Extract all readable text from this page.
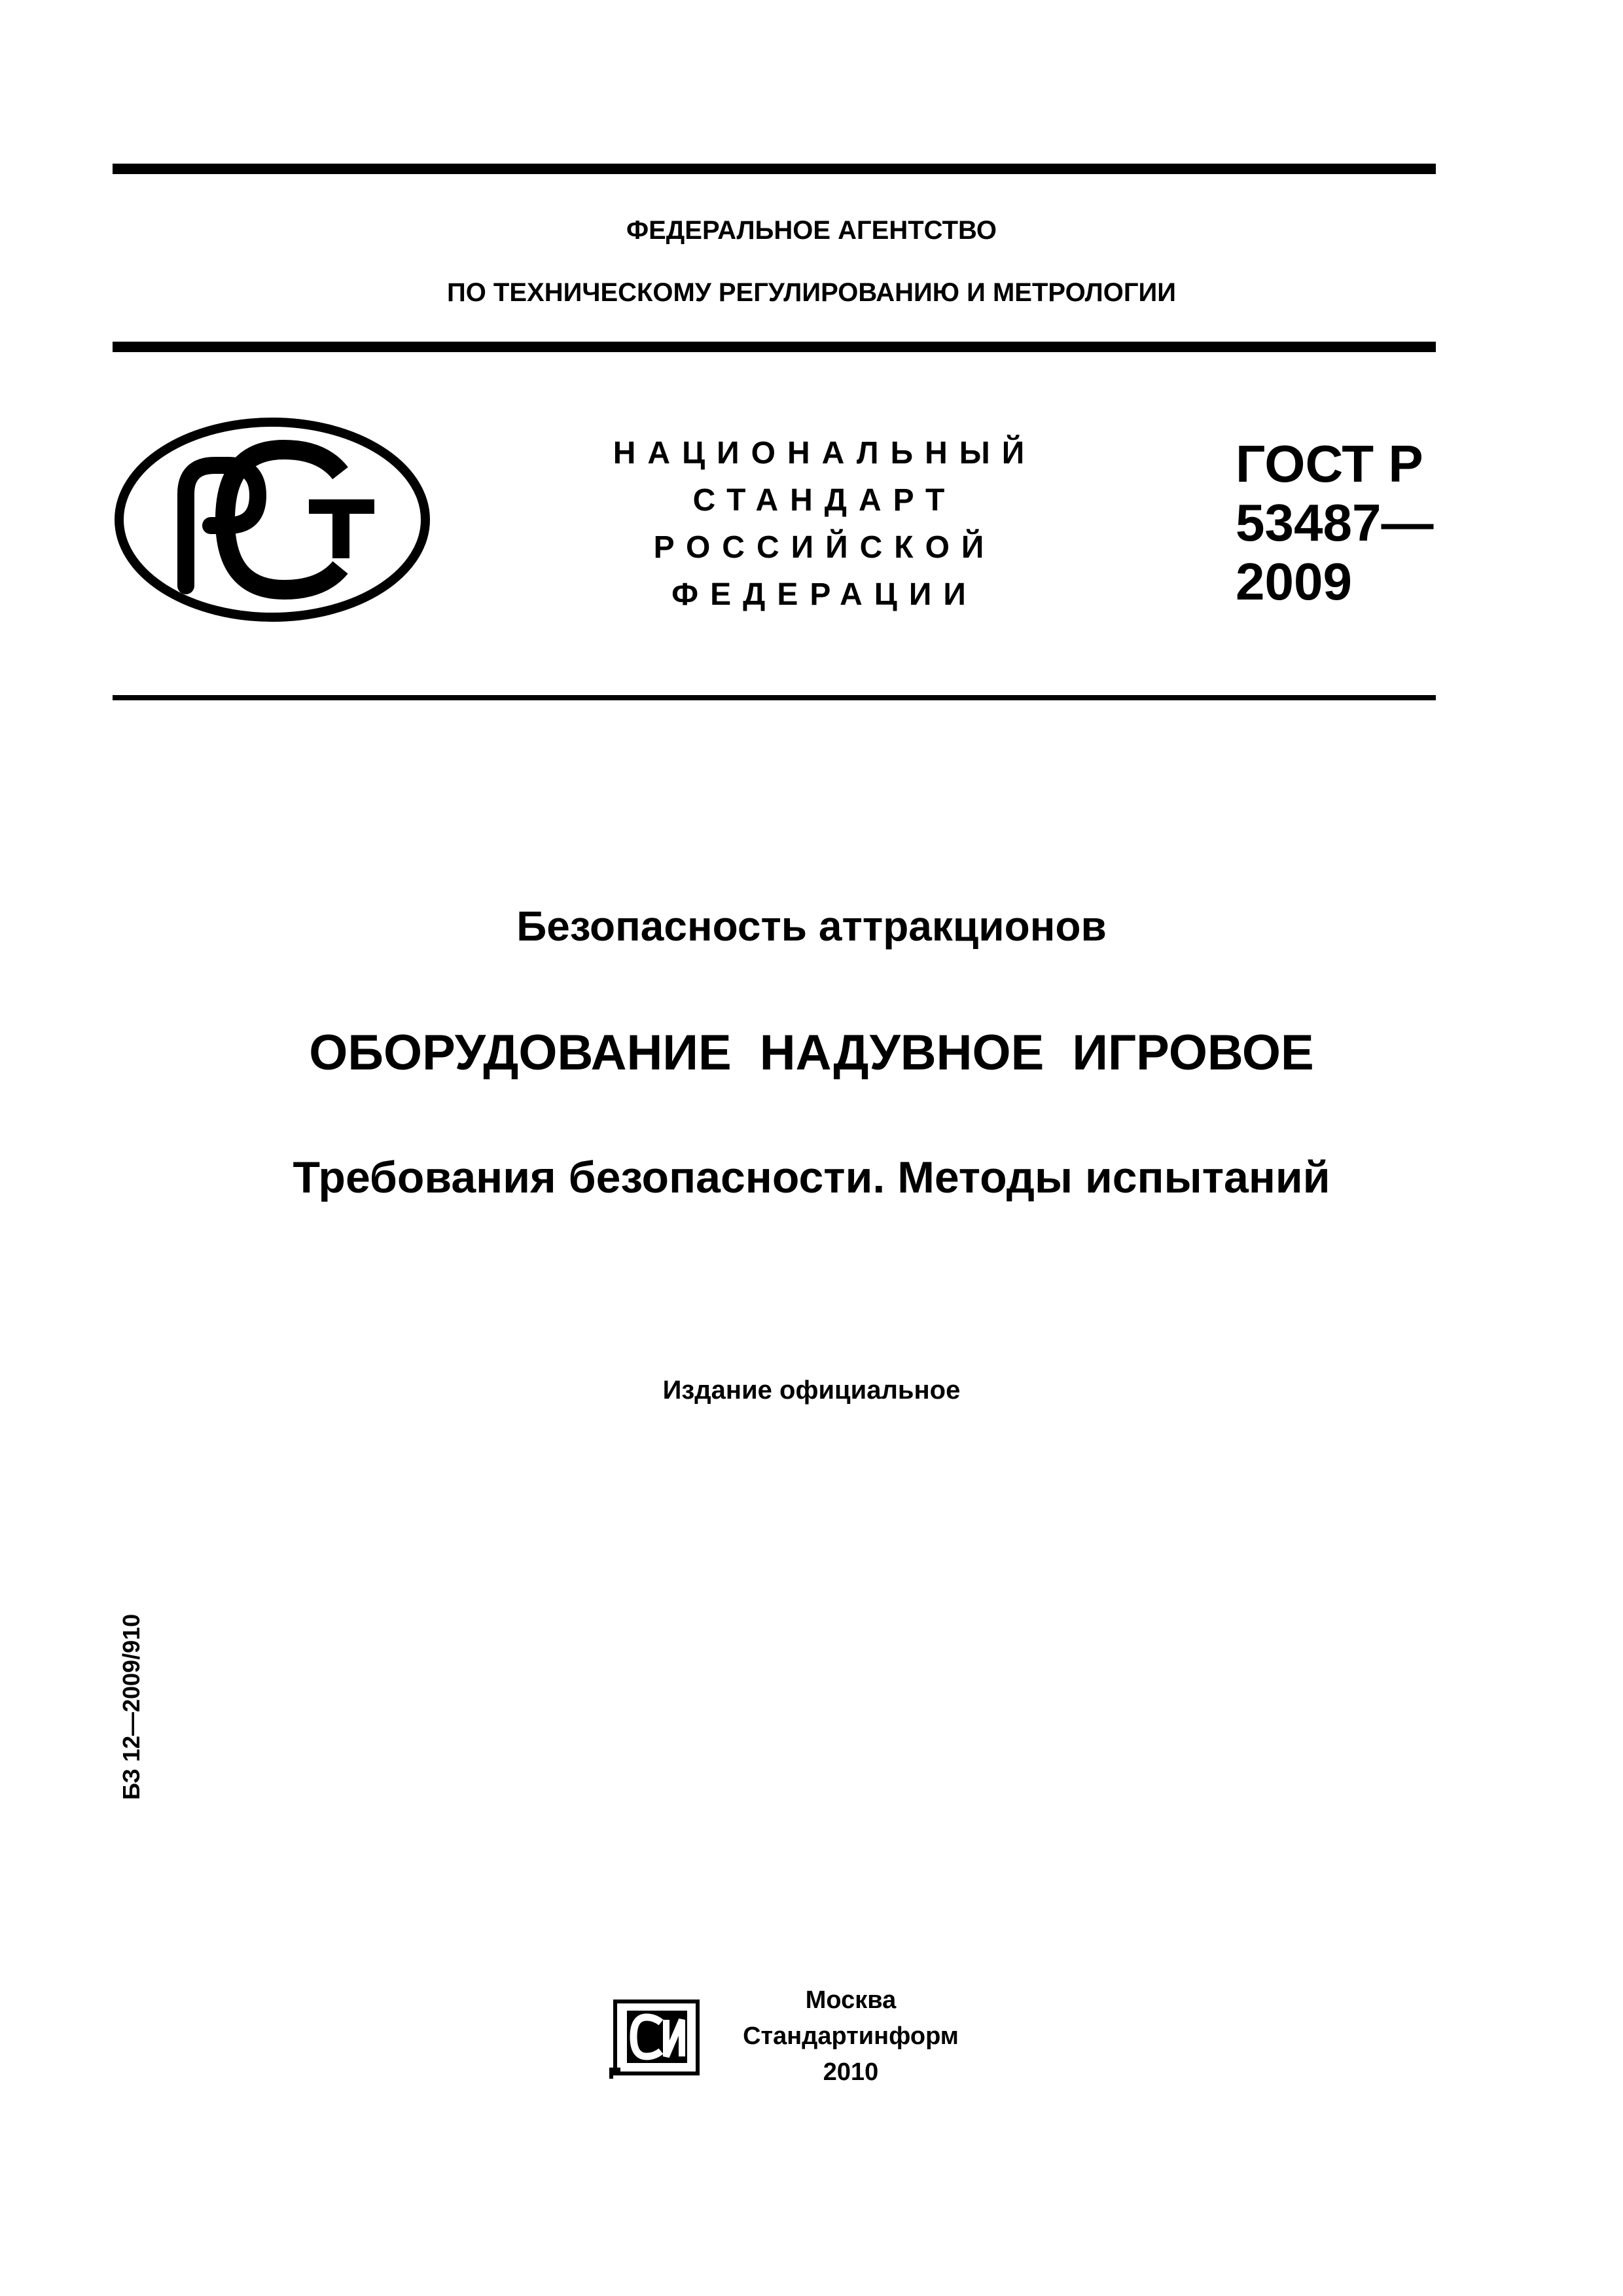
ФЕДЕРАЛЬНОЕ АГЕНТСТВО
ПО ТЕХНИЧЕСКОМУ РЕГУЛИРОВАНИЮ И МЕТРОЛОГИИ
НАЦИОНАЛЬНЫЙ
СТАНДАРТ
РОССИЙСКОЙ
ФЕДЕРАЦИИ
ГОСТ Р
53487—
2009
Безопасность аттракционов
ОБОРУДОВАНИЕ НАДУВНОЕ ИГРОВОЕ
Требования безопасности. Методы испытаний
Издание официальное
БЗ 12—2009/910
Москва
Стандартинформ
2010
